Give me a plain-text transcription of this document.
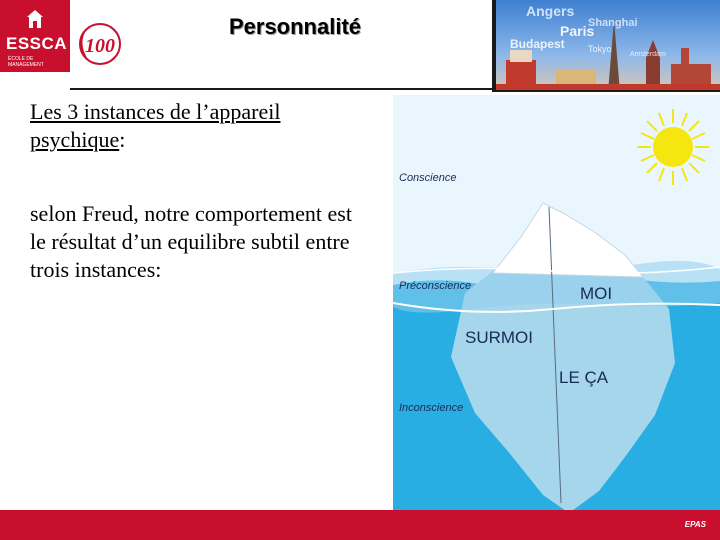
ESSCA
ÉCOLE DE MANAGEMENT
100
Personnalité
Angers
Shanghai
Paris
Budapest	Tokyo
Amsterdam
Les 3 instances de l’appareil psychique:
selon Freud, notre comportement est le résultat d’un equilibre subtil entre trois instances:
Conscience
Préconscience
Inconscience
MOI
SURMOI
LE ÇA
EPAS
